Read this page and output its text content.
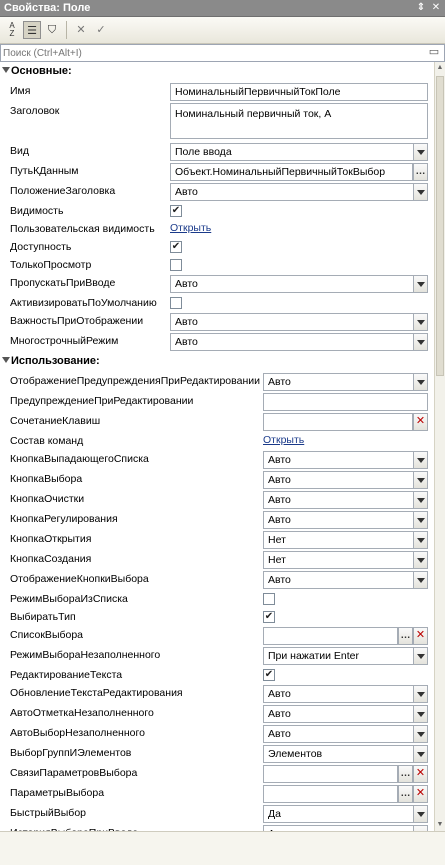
Свойства: Поле	⇕ ✕
A
Z	☰ ⛉	✕ ✓
Поиск (Ctrl+Alt+I)
▭
Основные:
Имя	НоминальныйПервичныйТокПоле
Заголовок	Номинальный первичный ток, А
Вид	Поле ввода
ПутьКДанным	Объект.НоминальныйПервичныйТокВыбор	…
ПоложениеЗаголовка	Авто
Видимость	✔
Пользовательская видимость	Открыть
Доступность	✔
ТолькоПросмотр
ПропускатьПриВводе	Авто
АктивизироватьПоУмолчанию
ВажностьПриОтображении	Авто
МногострочныйРежим	Авто
Использование:
ОтображениеПредупрежденияПриРедактировании Авто
ПредупреждениеПриРедактировании
СочетаниеКлавиш	✕
Состав команд	Открыть
КнопкаВыпадающегоСписка	Авто
КнопкаВыбора	Авто
КнопкаОчистки	Авто
КнопкаРегулирования	Авто
КнопкаОткрытия	Нет
КнопкаСоздания	Нет
ОтображениеКнопкиВыбора	Авто
РежимВыбораИзСписка
ВыбиратьТип	✔
СписокВыбора	… ✕
РежимВыбораНезаполненного	При нажатии Enter
РедактированиеТекста	✔
ОбновлениеТекстаРедактирования	Авто
АвтоОтметкаНезаполненного	Авто
АвтоВыборНезаполненного	Авто
ВыборГруппИЭлементов	Элементов
СвязиПараметровВыбора	… ✕
ПараметрыВыбора	… ✕
БыстрыйВыбор	Да
▲
▼
